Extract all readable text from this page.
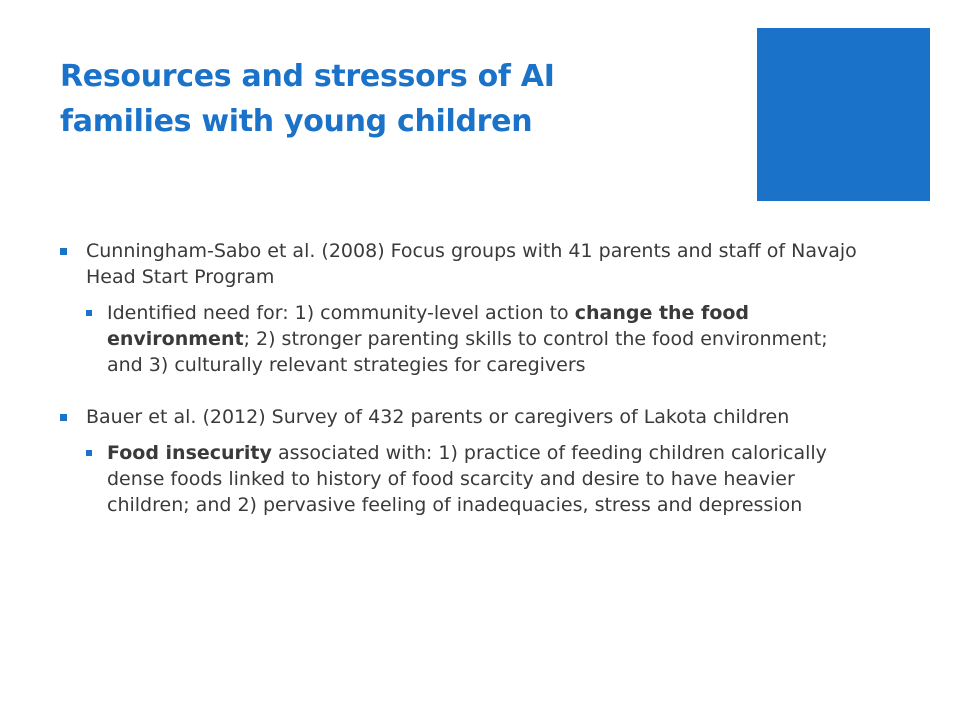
Resources and stressors of AI
families with young children
Cunningham-Sabo et al. (2008) Focus groups with 41 parents and staff of Navajo Head Start Program
Identified need for: 1) community-level action to change the food environment; 2) stronger parenting skills to control the food environment; and 3) culturally relevant strategies for caregivers
Bauer et al. (2012) Survey of 432 parents or caregivers of Lakota children
Food insecurity associated with: 1) practice of feeding children calorically dense foods linked to history of food scarcity and desire to have heavier children; and 2) pervasive feeling of inadequacies, stress and depression
